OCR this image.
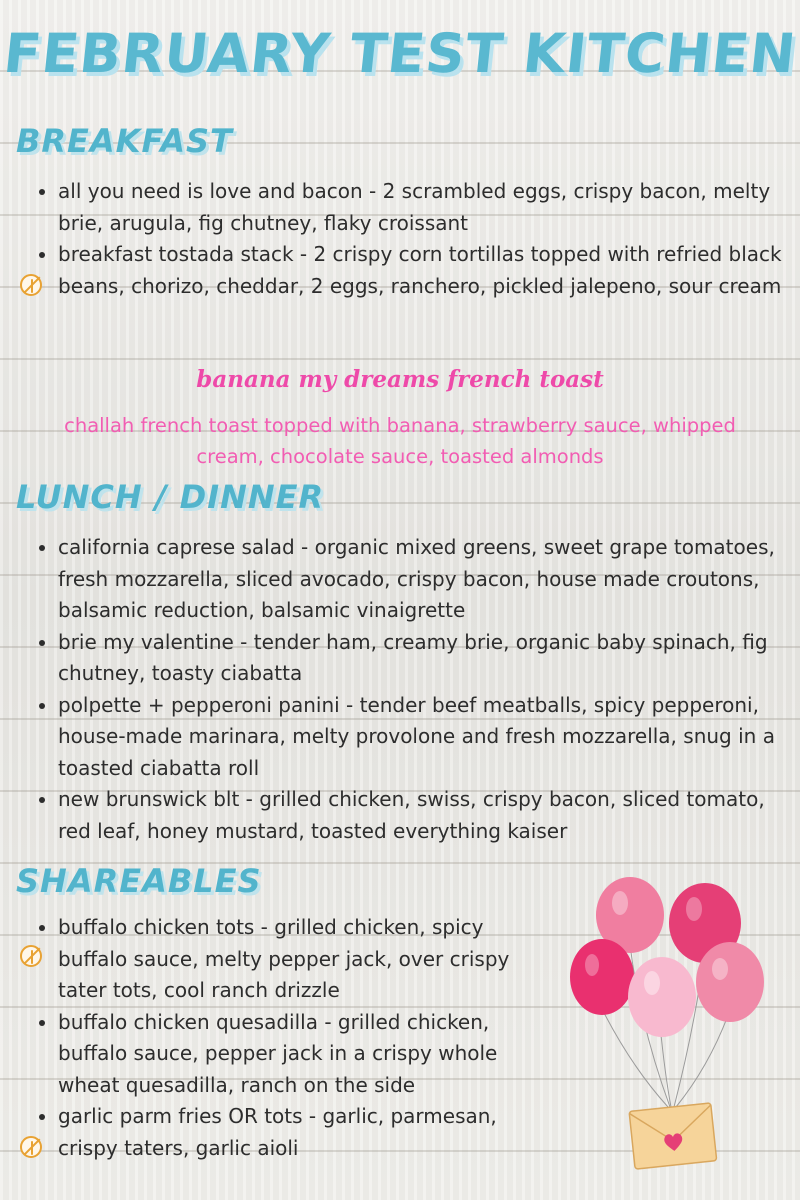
FEBRUARY TEST KITCHEN
BREAKFAST
• all you need is love and bacon - 2 scrambled eggs, crispy bacon, melty brie, arugula, fig chutney, flaky croissant
• breakfast tostada stack - 2 crispy corn tortillas topped with refried black beans, chorizo, cheddar, 2 eggs, ranchero, pickled jalepeno, sour cream
banana my dreams french toast
challah french toast topped with banana, strawberry sauce, whipped cream, chocolate sauce, toasted almonds
LUNCH / DINNER
• california caprese salad - organic mixed greens, sweet grape tomatoes, fresh mozzarella, sliced avocado, crispy bacon, house made croutons, balsamic reduction, balsamic vinaigrette
• brie my valentine - tender ham, creamy brie, organic baby spinach, fig chutney, toasty ciabatta
• polpette + pepperoni panini - tender beef meatballs, spicy pepperoni, house-made marinara, melty provolone and fresh mozzarella, snug in a toasted ciabatta roll
• new brunswick blt - grilled chicken, swiss, crispy bacon, sliced tomato, red leaf, honey mustard, toasted everything kaiser
SHAREABLES
• buffalo chicken tots - grilled chicken, spicy buffalo sauce, melty pepper jack, over crispy tater tots, cool ranch drizzle
• buffalo chicken quesadilla - grilled chicken, buffalo sauce, pepper jack in a crispy whole wheat quesadilla, ranch on the side
• garlic parm fries OR tots - garlic, parmesan, crispy taters, garlic aioli
